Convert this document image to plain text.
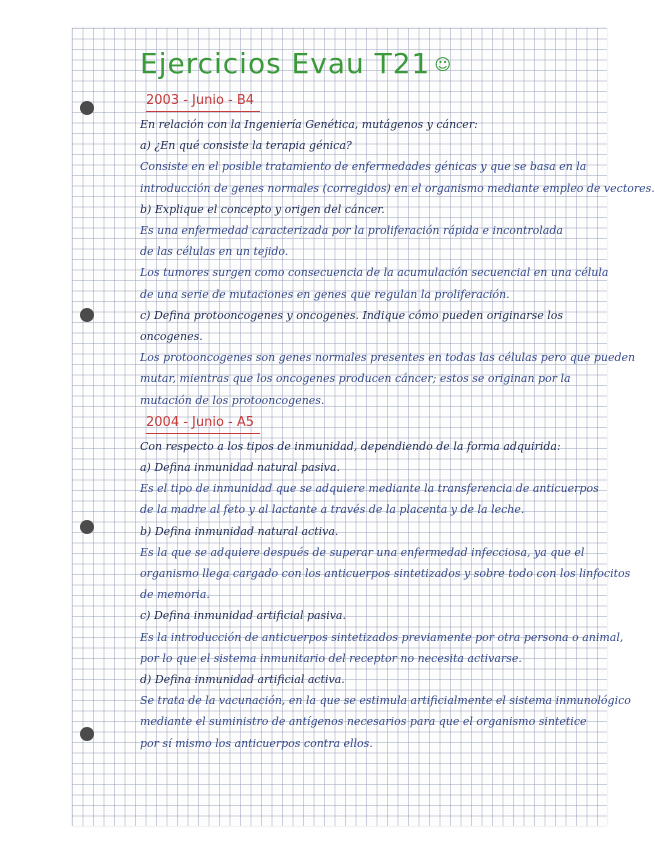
Ejercicios Evau T21 ☺
2003 - Junio - B4
En relación con la Ingeniería Genética, mutágenos y cáncer:
a) ¿En qué consiste la terapia génica?
Consiste en el posible tratamiento de enfermedades génicas y que se basa en la
introducción de genes normales (corregidos) en el organismo mediante empleo de vectores.
b) Explique el concepto y origen del cáncer.
Es una enfermedad caracterizada por la proliferación rápida e incontrolada
de las células en un tejido.
Los tumores surgen como consecuencia de la acumulación secuencial en una célula
de una serie de mutaciones en genes que regulan la proliferación.
c) Defina protooncogenes y oncogenes. Indique cómo pueden originarse los
oncogenes.
Los protooncogenes son genes normales presentes en todas las células pero que pueden
mutar, mientras que los oncogenes producen cáncer; estos se originan por la
mutación de los protooncogenes.
2004 - Junio - A5
Con respecto a los tipos de inmunidad, dependiendo de la forma adquirida:
a) Defina inmunidad natural pasiva.
Es el tipo de inmunidad que se adquiere mediante la transferencia de anticuerpos
de la madre al feto y al lactante a través de la placenta y de la leche.
b) Defina inmunidad natural activa.
Es la que se adquiere después de superar una enfermedad infecciosa, ya que el
organismo llega cargado con los anticuerpos sintetizados y sobre todo con los linfocitos
de memoria.
c) Defina inmunidad artificial pasiva.
Es la introducción de anticuerpos sintetizados previamente por otra persona o animal,
por lo que el sistema inmunitario del receptor no necesita activarse.
d) Defina inmunidad artificial activa.
Se trata de la vacunación, en la que se estimula artificialmente el sistema inmunológico
mediante el suministro de antígenos necesarios para que el organismo sintetice
por sí mismo los anticuerpos contra ellos.
